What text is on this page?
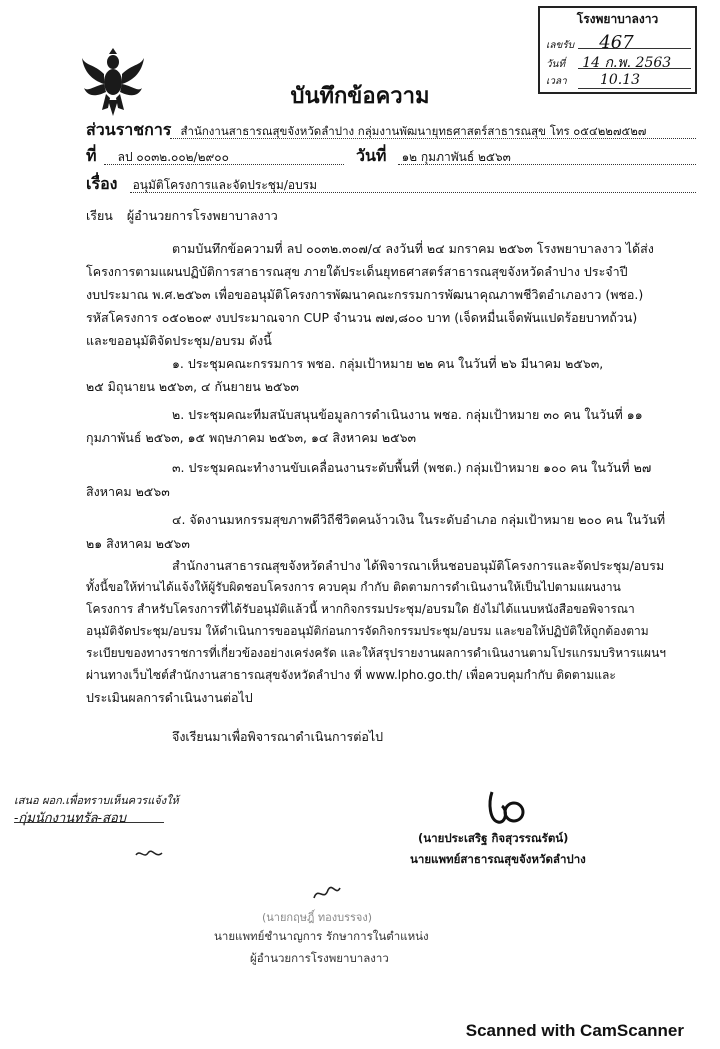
โรงพยาบาลงาว
เลขรับ 467
วันที่ 14 ก.พ. 2563
เวลา 10.13
บันทึกข้อความ
ส่วนราชการ สำนักงานสาธารณสุขจังหวัดลำปาง กลุ่มงานพัฒนายุทธศาสตร์สาธารณสุข โทร ๐๕๔๒๒๗๕๒๗
ที่ ลป ๐๐๓๒.๐๐๒/๒๙๐๐	วันที่ ๑๒ กุมภาพันธ์ ๒๕๖๓
เรื่อง อนุมัติโครงการและจัดประชุม/อบรม
เรียน ผู้อำนวยการโรงพยาบาลงาว
ตามบันทึกข้อความที่ ลป ๐๐๓๒.๓๐๗/๔ ลงวันที่ ๒๔ มกราคม ๒๕๖๓ โรงพยาบาลงาว ได้ส่ง
โครงการตามแผนปฏิบัติการสาธารณสุข ภายใต้ประเด็นยุทธศาสตร์สาธารณสุขจังหวัดลำปาง ประจำปี
งบประมาณ พ.ศ.๒๕๖๓ เพื่อขออนุมัติโครงการพัฒนาคณะกรรมการพัฒนาคุณภาพชีวิตอำเภองาว (พชอ.)
รหัสโครงการ ๐๕๐๒๐๙ งบประมาณจาก CUP จำนวน ๗๗,๘๐๐ บาท (เจ็ดหมื่นเจ็ดพันแปดร้อยบาทถ้วน)
และขออนุมัติจัดประชุม/อบรม ดังนี้
๑. ประชุมคณะกรรมการ พชอ. กลุ่มเป้าหมาย ๒๒ คน ในวันที่ ๒๖ มีนาคม ๒๕๖๓,
๒๕ มิถุนายน ๒๕๖๓, ๔ กันยายน ๒๕๖๓
๒. ประชุมคณะทีมสนับสนุนข้อมูลการดำเนินงาน พชอ. กลุ่มเป้าหมาย ๓๐ คน ในวันที่ ๑๑
กุมภาพันธ์ ๒๕๖๓, ๑๕ พฤษภาคม ๒๕๖๓, ๑๔ สิงหาคม ๒๕๖๓
๓. ประชุมคณะทำงานขับเคลื่อนงานระดับพื้นที่ (พชต.) กลุ่มเป้าหมาย ๑๐๐ คน ในวันที่ ๒๗
สิงหาคม ๒๕๖๓
๔. จัดงานมหกรรมสุขภาพดีวิถีชีวิตคนง้าวเงิน ในระดับอำเภอ กลุ่มเป้าหมาย ๒๐๐ คน ในวันที่
๒๑ สิงหาคม ๒๕๖๓
สำนักงานสาธารณสุขจังหวัดลำปาง ได้พิจารณาเห็นชอบอนุมัติโครงการและจัดประชุม/อบรม
ทั้งนี้ขอให้ท่านได้แจ้งให้ผู้รับผิดชอบโครงการ ควบคุม กำกับ ติดตามการดำเนินงานให้เป็นไปตามแผนงาน
โครงการ สำหรับโครงการที่ได้รับอนุมัติแล้วนี้ หากกิจกรรมประชุม/อบรมใด ยังไม่ได้แนบหนังสือขอพิจารณา
อนุมัติจัดประชุม/อบรม ให้ดำเนินการขออนุมัติก่อนการจัดกิจกรรมประชุม/อบรม และขอให้ปฏิบัติให้ถูกต้องตาม
ระเบียบของทางราชการที่เกี่ยวข้องอย่างเคร่งครัด และให้สรุปรายงานผลการดำเนินงานตามโปรแกรมบริหารแผนฯ
ผ่านทางเว็บไซต์สำนักงานสาธารณสุขจังหวัดลำปาง ที่ www.lpho.go.th/ เพื่อควบคุมกำกับ ติดตามและ
ประเมินผลการดำเนินงานต่อไป
จึงเรียนมาเพื่อพิจารณาดำเนินการต่อไป
เสนอ ผอก.เพื่อทราบเห็นควรแจ้งให้
-กุ่มนักงานทรัล-สอบ
(นายประเสริฐ กิจสุวรรณรัตน์)
นายแพทย์สาธารณสุขจังหวัดลำปาง
(นายกฤษฎิ์ ทองบรรจง)
นายแพทย์ชำนาญการ รักษาการในตำแหน่ง
ผู้อำนวยการโรงพยาบาลงาว
Scanned with CamScanner
